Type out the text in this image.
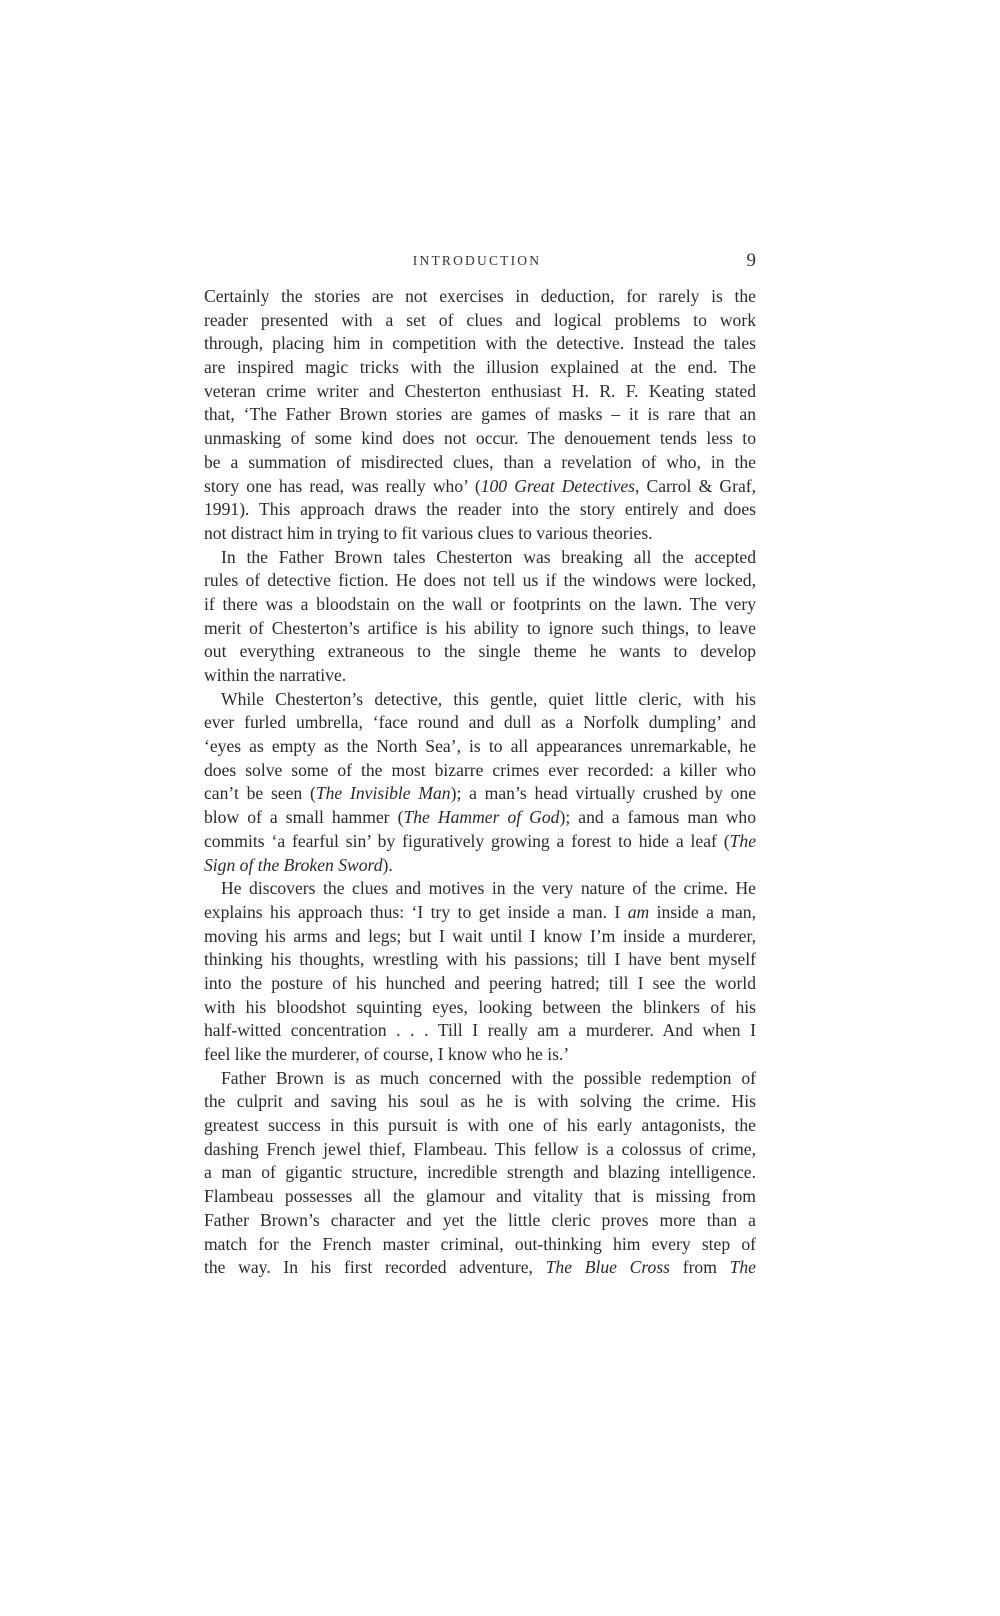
INTRODUCTION	9
Certainly the stories are not exercises in deduction, for rarely is the
reader presented with a set of clues and logical problems to work
through, placing him in competition with the detective. Instead the tales
are inspired magic tricks with the illusion explained at the end. The
veteran crime writer and Chesterton enthusiast H. R. F. Keating stated
that, ‘The Father Brown stories are games of masks – it is rare that an
unmasking of some kind does not occur. The denouement tends less to
be a summation of misdirected clues, than a revelation of who, in the
story one has read, was really who’ (100 Great Detectives, Carrol & Graf,
1991). This approach draws the reader into the story entirely and does
not distract him in trying to fit various clues to various theories.
In the Father Brown tales Chesterton was breaking all the accepted
rules of detective fiction. He does not tell us if the windows were locked,
if there was a bloodstain on the wall or footprints on the lawn. The very
merit of Chesterton’s artifice is his ability to ignore such things, to leave
out everything extraneous to the single theme he wants to develop
within the narrative.
While Chesterton’s detective, this gentle, quiet little cleric, with his
ever furled umbrella, ‘face round and dull as a Norfolk dumpling’ and
‘eyes as empty as the North Sea’, is to all appearances unremarkable, he
does solve some of the most bizarre crimes ever recorded: a killer who
can’t be seen (The Invisible Man); a man’s head virtually crushed by one
blow of a small hammer (The Hammer of God); and a famous man who
commits ‘a fearful sin’ by figuratively growing a forest to hide a leaf (The
Sign of the Broken Sword).
He discovers the clues and motives in the very nature of the crime. He
explains his approach thus: ‘I try to get inside a man. I am inside a man,
moving his arms and legs; but I wait until I know I’m inside a murderer,
thinking his thoughts, wrestling with his passions; till I have bent myself
into the posture of his hunched and peering hatred; till I see the world
with his bloodshot squinting eyes, looking between the blinkers of his
half-witted concentration . . . Till I really am a murderer. And when I
feel like the murderer, of course, I know who he is.’
Father Brown is as much concerned with the possible redemption of
the culprit and saving his soul as he is with solving the crime. His
greatest success in this pursuit is with one of his early antagonists, the
dashing French jewel thief, Flambeau. This fellow is a colossus of crime,
a man of gigantic structure, incredible strength and blazing intelligence.
Flambeau possesses all the glamour and vitality that is missing from
Father Brown’s character and yet the little cleric proves more than a
match for the French master criminal, out-thinking him every step of
the way. In his first recorded adventure, The Blue Cross from The
